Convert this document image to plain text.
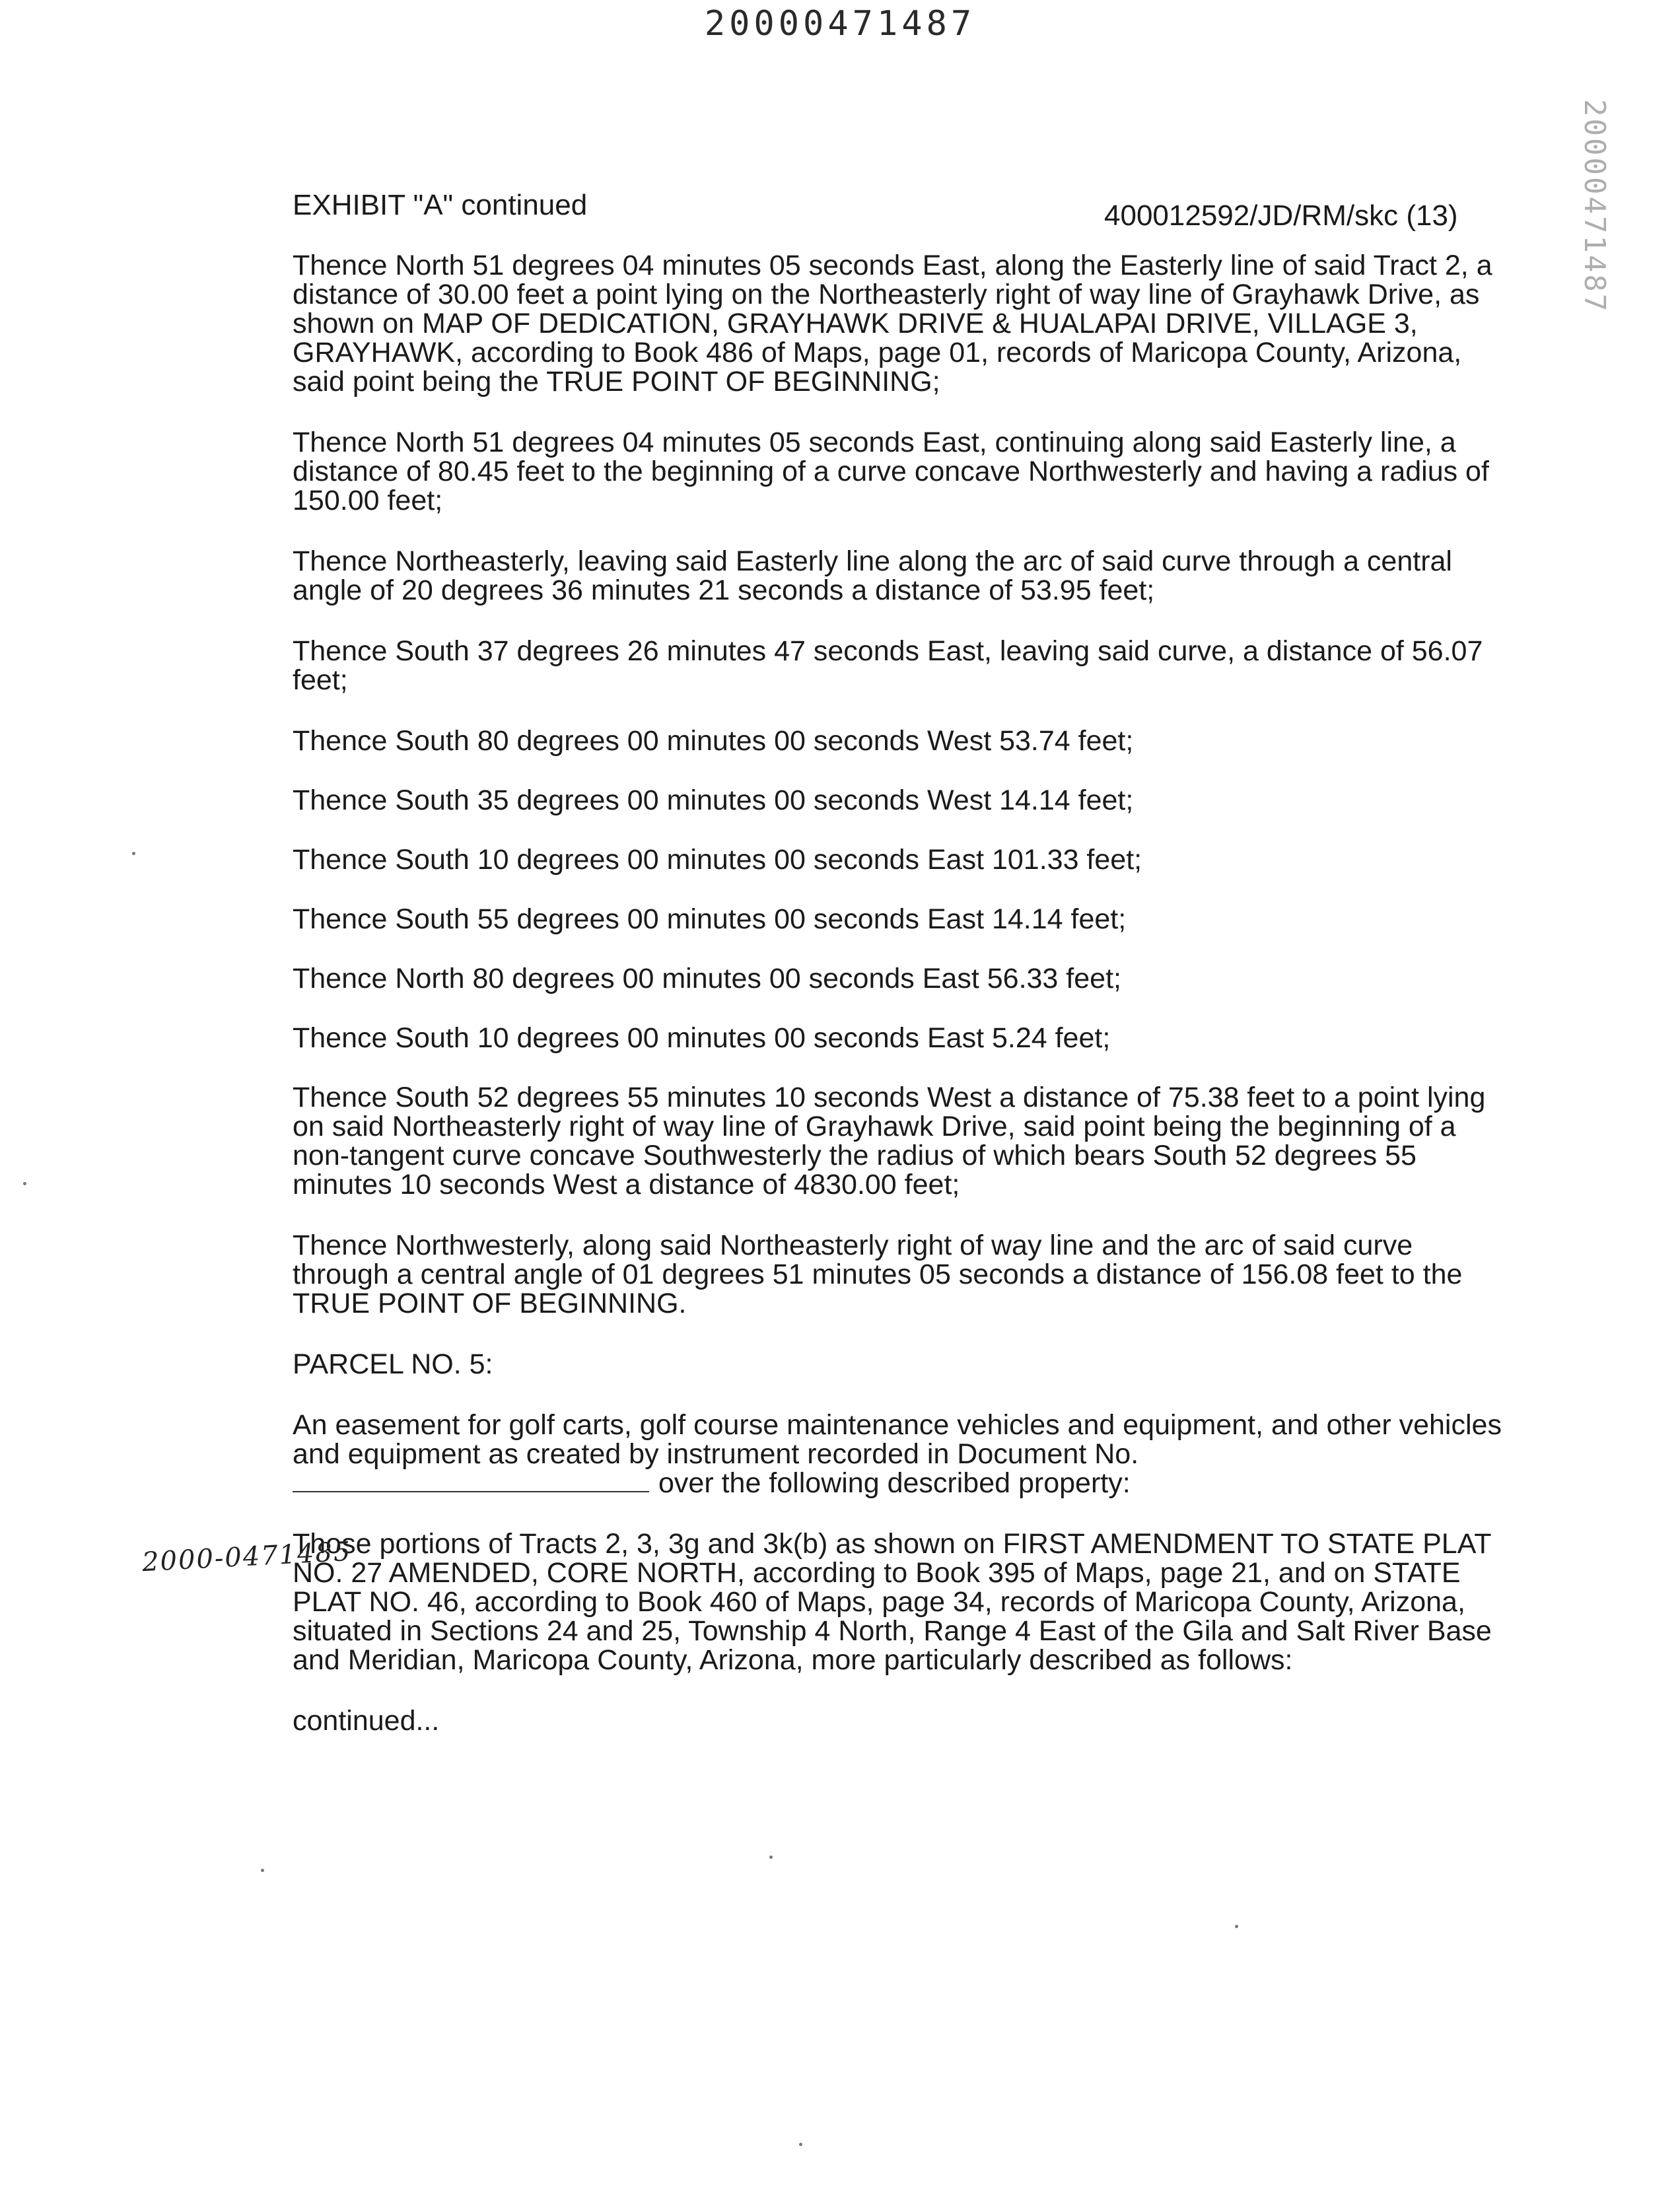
20000471487
20000471487
EXHIBIT "A" continued	400012592/JD/RM/skc (13)

Thence North 51 degrees 04 minutes 05 seconds East, along the Easterly line of said Tract 2, a distance of 30.00 feet a point lying on the Northeasterly right of way line of Grayhawk Drive, as shown on MAP OF DEDICATION, GRAYHAWK DRIVE & HUALAPAI DRIVE, VILLAGE 3, GRAYHAWK, according to Book 486 of Maps, page 01, records of Maricopa County, Arizona, said point being the TRUE POINT OF BEGINNING;

Thence North 51 degrees 04 minutes 05 seconds East, continuing along said Easterly line, a distance of 80.45 feet to the beginning of a curve concave Northwesterly and having a radius of 150.00 feet;

Thence Northeasterly, leaving said Easterly line along the arc of said curve through a central angle of 20 degrees 36 minutes 21 seconds a distance of 53.95 feet;

Thence South 37 degrees 26 minutes 47 seconds East, leaving said curve, a distance of 56.07 feet;

Thence South 80 degrees 00 minutes 00 seconds West 53.74 feet;

Thence South 35 degrees 00 minutes 00 seconds West 14.14 feet;

Thence South 10 degrees 00 minutes 00 seconds East 101.33 feet;

Thence South 55 degrees 00 minutes 00 seconds East 14.14 feet;

Thence North 80 degrees 00 minutes 00 seconds East 56.33 feet;

Thence South 10 degrees 00 minutes 00 seconds East 5.24 feet;

Thence South 52 degrees 55 minutes 10 seconds West a distance of 75.38 feet to a point lying on said Northeasterly right of way line of Grayhawk Drive, said point being the beginning of a non-tangent curve concave Southwesterly the radius of which bears South 52 degrees 55 minutes 10 seconds West a distance of 4830.00 feet;

Thence Northwesterly, along said Northeasterly right of way line and the arc of said curve through a central angle of 01 degrees 51 minutes 05 seconds a distance of 156.08 feet to the TRUE POINT OF BEGINNING.

PARCEL NO. 5:

An easement for golf carts, golf course maintenance vehicles and equipment, and other vehicles and equipment as created by instrument recorded in Document No.
over the following described property:

Those portions of Tracts 2, 3, 3g and 3k(b) as shown on FIRST AMENDMENT TO STATE PLAT NO. 27 AMENDED, CORE NORTH, according to Book 395 of Maps, page 21, and on STATE PLAT NO. 46, according to Book 460 of Maps, page 34, records of Maricopa County, Arizona, situated in Sections 24 and 25, Township 4 North, Range 4 East of the Gila and Salt River Base and Meridian, Maricopa County, Arizona, more particularly described as follows:

continued...

2000-0471485
